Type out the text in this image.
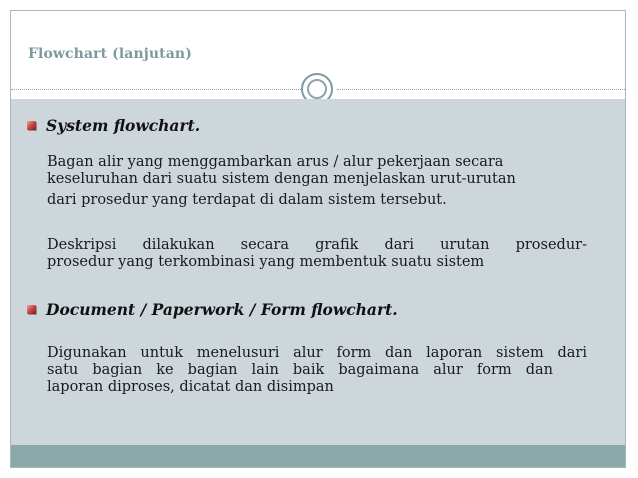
Flowchart (lanjutan)
System flowchart.
Bagan alir yang menggambarkan arus / alur pekerjaan secara
keseluruhan dari suatu sistem dengan menjelaskan urut-urutan
dari prosedur yang terdapat di dalam sistem tersebut.
Deskripsi dilakukan secara grafik dari urutan prosedur-
prosedur yang terkombinasi yang membentuk suatu sistem
Document / Paperwork / Form flowchart.
Digunakan untuk menelusuri alur form dan laporan sistem dari
satu bagian ke bagian lain baik bagaimana alur form dan
laporan diproses, dicatat dan disimpan
